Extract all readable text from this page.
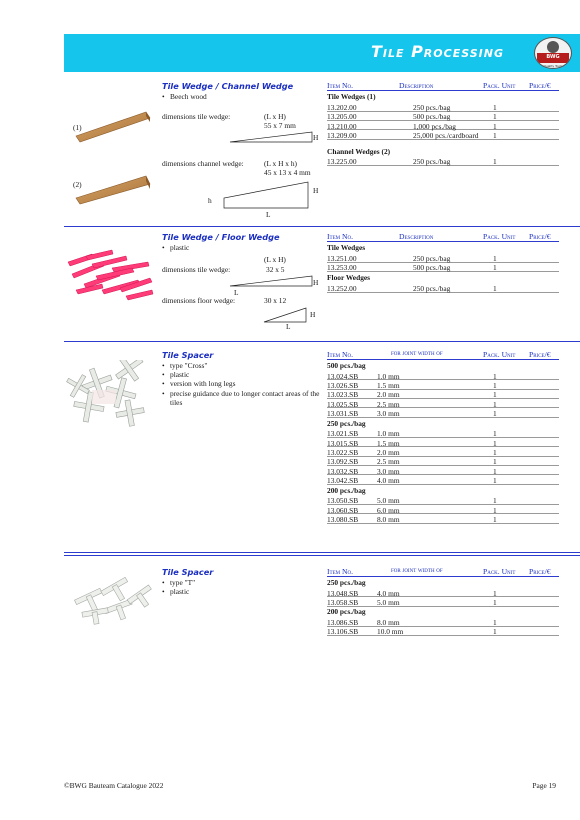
Tile Processing	BWG
Quality Tools
Tile Wedge / Channel Wedge
• Beech wood
(1)
(2)
dimensions tile wedge:	(L x H)
55 x 7 mm
H
dimensions channel wedge:	(L x H x h)
45 x 13 x 4 mm
H
h
L
Item No.	Description	Pack. Unit Price/€
Tile Wedges (1)
13.202.00	250 pcs./bag	1
13.205.00	500 pcs./bag	1
13.210.00	1,000 pcs./bag	1
13.209.00	25,000 pcs./cardboard 1
Channel Wedges (2)
13.225.00	250 pcs./bag	1
Tile Wedge / Floor Wedge
• plastic
(L x H)
dimensions tile wedge:	32 x 5
H
L
dimensions floor wedge:	30 x 12
H
L
Item No.	Description	Pack. Unit Price/€
Tile Wedges
13.251.00	250 pcs./bag	1
13.253.00	500 pcs./bag	1
Floor Wedges
13.252.00	250 pcs./bag	1
Tile Spacer
• type "Cross"
• plastic
• version with long legs
• precise guidance due to longer contact areas of the tiles
Item No.	for joint width of	Pack. Unit Price/€
500 pcs./bag
13.024.SB	1.0 mm	1
13.026.SB	1.5 mm	1
13.023.SB	2.0 mm	1
13.025.SB	2.5 mm	1
13.031.SB	3.0 mm	1
250 pcs./bag
13.021.SB	1.0 mm	1
13.015.SB	1.5 mm	1
13.022.SB	2.0 mm	1
13.092.SB	2.5 mm	1
13.032.SB	3.0 mm	1
13.042.SB	4.0 mm	1
200 pcs./bag
13.050.SB	5.0 mm	1
13.060.SB	6.0 mm	1
13.080.SB	8.0 mm	1
Tile Spacer
• type "T"
• plastic
Item No.	for joint width of	Pack. Unit Price/€
250 pcs./bag
13.048.SB	4.0 mm	1
13.058.SB	5.0 mm	1
200 pcs./bag
13.086.SB	8.0 mm	1
13.106.SB	10.0 mm	1
©BWG Bauteam Catalogue 2022	Page 19
